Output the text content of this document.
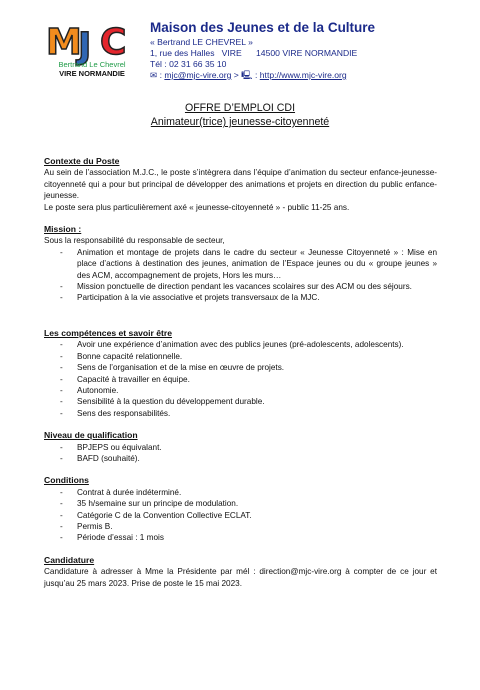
M
J C
Bertrand Le Chevrel
VIRE NORMANDIE
Maison des Jeunes et de la Culture
« Bertrand LE CHEVREL »
1, rue des Halles   VIRE      14500 VIRE NORMANDIE
Tél : 02 31 66 35 10
✉ : mjc@mjc-vire.org > 🖳 : http://www.mjc-vire.org
OFFRE D’EMPLOI CDI
Animateur(trice) jeunesse-citoyenneté
Contexte du Poste

Au sein de l’association M.J.C., le poste s’intègrera dans l’équipe d’animation du secteur enfance-jeunesse-citoyenneté qui a pour but principal de développer des animations et projets en direction du public enfance-jeunesse.

Le poste sera plus particulièrement axé « jeunesse-citoyenneté » - public 11-25 ans.

Mission :

Sous la responsabilité du responsable de secteur,

- Animation et montage de projets dans le cadre du secteur « Jeunesse Citoyenneté » : Mise en place d’actions à destination des jeunes, animation de l’Espace jeunes ou du « groupe jeunes » des ACM, accompagnement de projets, Hors les murs…
- Mission ponctuelle de direction pendant les vacances scolaires sur des ACM ou des séjours.
- Participation à la vie associative et projets transversaux de la MJC.
Les compétences et savoir être
- Avoir une expérience d’animation avec des publics jeunes (pré-adolescents, adolescents).
- Bonne capacité relationnelle.
- Sens de l’organisation et de la mise en œuvre de projets.
- Capacité à travailler en équipe.
- Autonomie.
- Sensibilité à la question du développement durable.
- Sens des responsabilités.
Niveau de qualification
- BPJEPS ou équivalant.
- BAFD (souhaité).
Conditions
- Contrat à durée indéterminé.
- 35 h/semaine sur un principe de modulation.
- Catégorie C de la Convention Collective ECLAT.
- Permis B.
- Période d’essai : 1 mois
Candidature

Candidature à adresser à Mme la Présidente par mél : direction@mjc-vire.org à compter de ce jour et jusqu’au 25 mars 2023. Prise de poste le 15 mai 2023.
